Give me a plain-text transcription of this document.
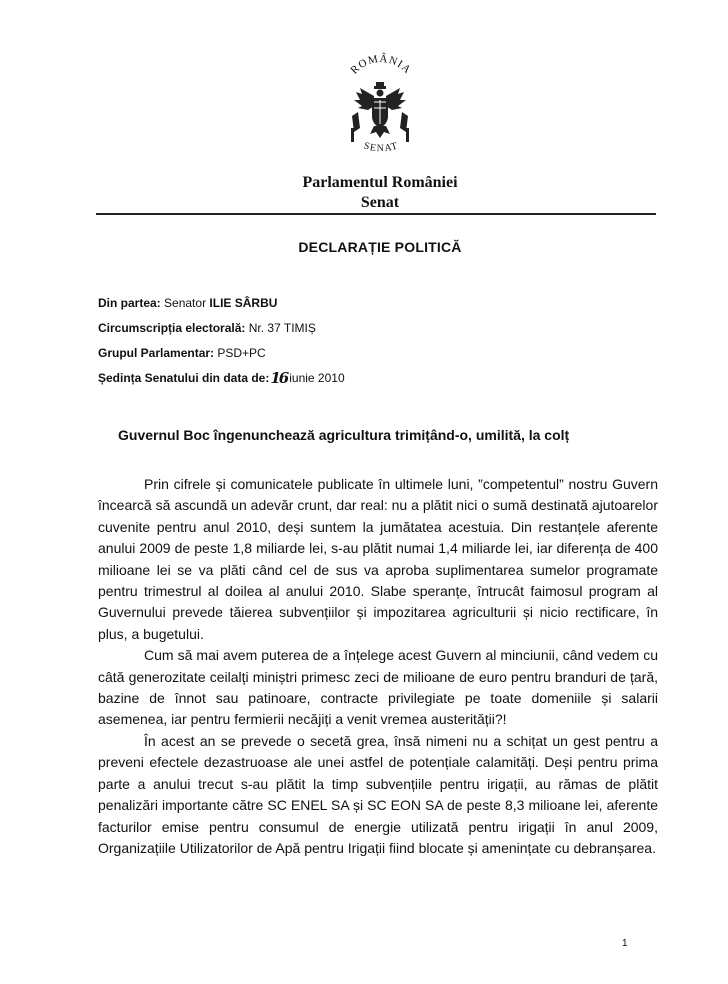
ROMÂNIA
SENAT
Parlamentul României
Senat
DECLARAȚIE POLITICĂ
Din partea: Senator ILIE SÂRBU
Circumscripția electorală: Nr. 37 TIMIȘ
Grupul Parlamentar: PSD+PC
Ședința Senatului din data de:16 iunie 2010
Guvernul Boc îngenunchează agricultura trimițând-o, umilită, la colț

Prin cifrele și comunicatele publicate în ultimele luni, ”competentul” nostru Guvern încearcă să ascundă un adevăr crunt, dar real: nu a plătit nici o sumă destinată ajutoarelor cuvenite pentru anul 2010, deși suntem la jumătatea acestuia. Din restanțele aferente anului 2009 de peste 1,8 miliarde lei, s-au plătit numai 1,4 miliarde lei, iar diferența de 400 milioane lei se va plăti când cel de sus va aproba suplimentarea sumelor programate pentru trimestrul al doilea al anului 2010. Slabe speranțe, întrucât faimosul program al Guvernului prevede tăierea subvențiilor și impozitarea agriculturii și nicio rectificare, în plus, a bugetului.

Cum să mai avem puterea de a înțelege acest Guvern al minciunii, când vedem cu câtă generozitate ceilalți miniștri primesc zeci de milioane de euro pentru branduri de țară, bazine de înnot sau patinoare, contracte privilegiate pe toate domeniile și salarii asemenea, iar pentru fermierii necăjiți a venit vremea austerității?!

În acest an se prevede o secetă grea, însă nimeni nu a schițat un gest pentru a preveni efectele dezastruoase ale unei astfel de potențiale calamități. Deși pentru prima parte a anului trecut s-au plătit la timp subvențiile pentru irigații, au rămas de plătit penalizări importante către SC ENEL SA și SC EON SA de peste 8,3 milioane lei, aferente facturilor emise pentru consumul de energie utilizată pentru irigații în anul 2009, Organizațiile Utilizatorilor de Apă pentru Irigații fiind blocate și amenințate cu debranșarea.

1
